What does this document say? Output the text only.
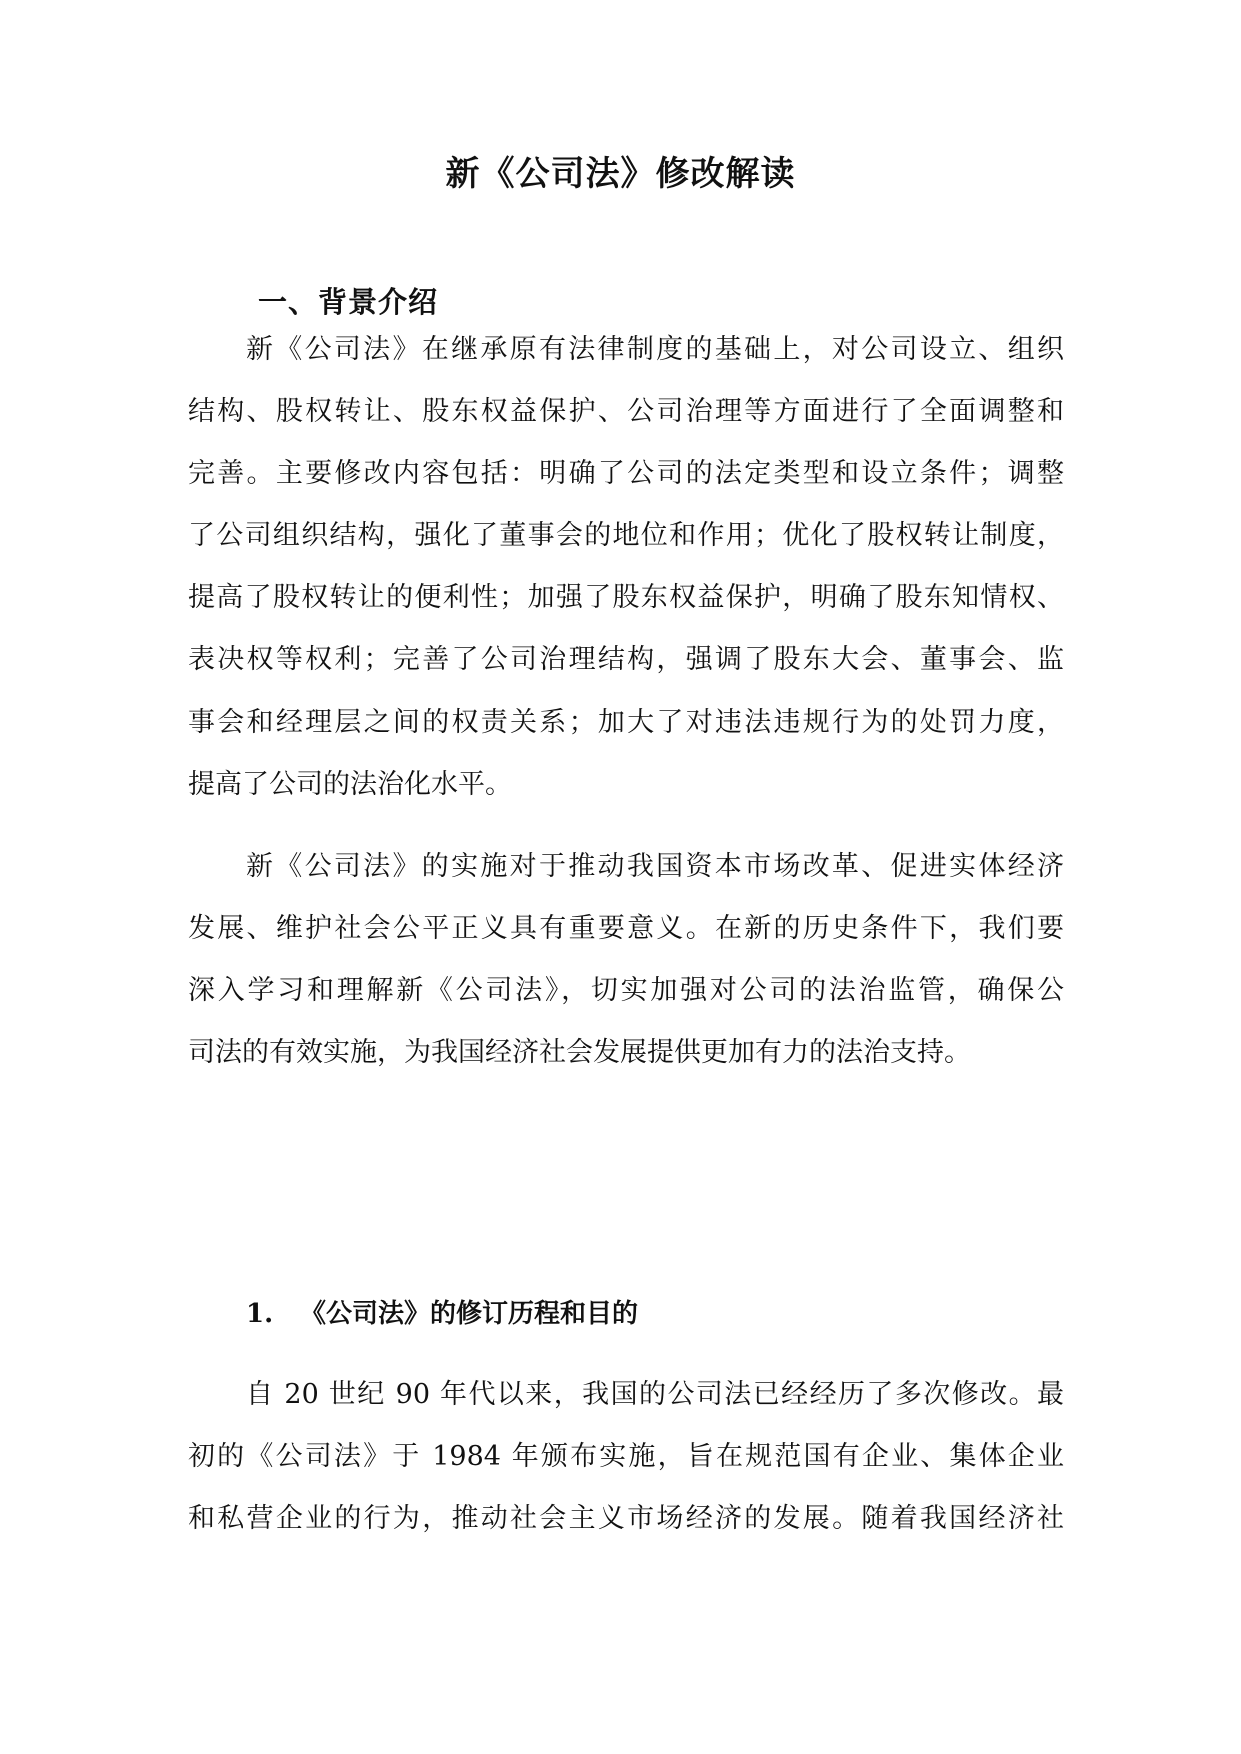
新《公司法》修改解读
一、背景介绍
新《公司法》在继承原有法律制度的基础上，对公司设立、组织
结构、股权转让、股东权益保护、公司治理等方面进行了全面调整和
完善。主要修改内容包括：明确了公司的法定类型和设立条件；调整
了公司组织结构，强化了董事会的地位和作用；优化了股权转让制度，
提高了股权转让的便利性；加强了股东权益保护，明确了股东知情权、
表决权等权利；完善了公司治理结构，强调了股东大会、董事会、监
事会和经理层之间的权责关系；加大了对违法违规行为的处罚力度，
提高了公司的法治化水平。
新《公司法》的实施对于推动我国资本市场改革、促进实体经济
发展、维护社会公平正义具有重要意义。在新的历史条件下，我们要
深入学习和理解新《公司法》，切实加强对公司的法治监管，确保公
司法的有效实施，为我国经济社会发展提供更加有力的法治支持。
1. 《公司法》的修订历程和目的
自 20 世纪 90 年代以来，我国的公司法已经经历了多次修改。最
初的《公司法》于 1984 年颁布实施，旨在规范国有企业、集体企业
和私营企业的行为，推动社会主义市场经济的发展。随着我国经济社
